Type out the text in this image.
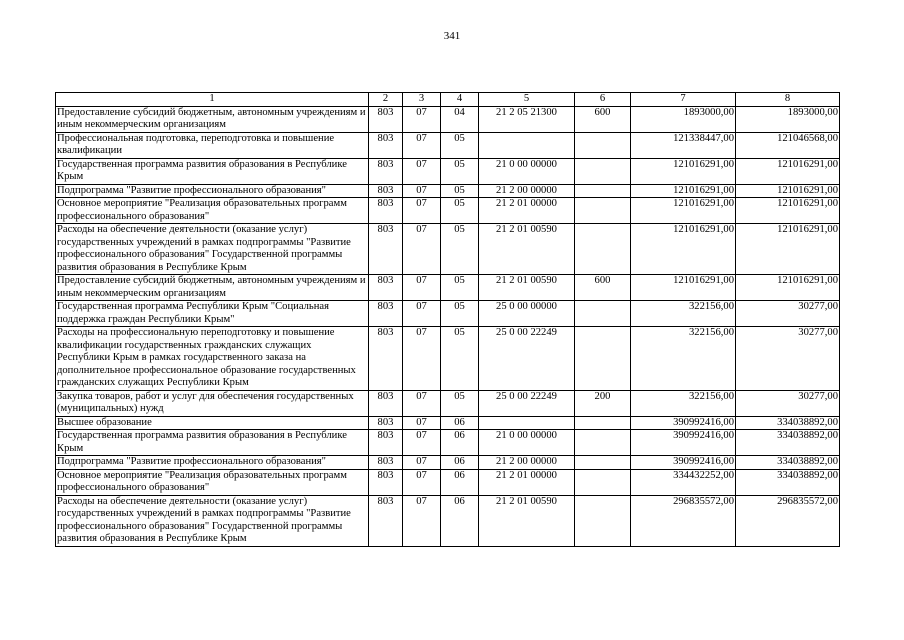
341
1	2	3	4	5	6	7	8
Предоставление субсидий бюджетным, автономным учреждениям и иным некоммерческим организациям	803	07	04	21 2 05 21300	600	1893000,00	1893000,00
Профессиональная подготовка, переподготовка и повышение квалификации	803	07	05			121338447,00	121046568,00
Государственная программа развития образования в Республике Крым	803	07	05	21 0 00 00000		121016291,00	121016291,00
Подпрограмма "Развитие профессионального образования"	803	07	05	21 2 00 00000		121016291,00	121016291,00
Основное мероприятие "Реализация образовательных программ профессионального образования"	803	07	05	21 2 01 00000		121016291,00	121016291,00
Расходы на обеспечение деятельности (оказание услуг) государственных учреждений в рамках подпрограммы "Развитие профессионального образования" Государственной программы развития образования в Республике Крым	803	07	05	21 2 01 00590		121016291,00	121016291,00
Предоставление субсидий бюджетным, автономным учреждениям и иным некоммерческим организациям	803	07	05	21 2 01 00590	600	121016291,00	121016291,00
Государственная программа Республики Крым "Социальная поддержка граждан Республики Крым"	803	07	05	25 0 00 00000		322156,00	30277,00
Расходы на профессиональную переподготовку и повышение квалификации государственных гражданских служащих Республики Крым в рамках государственного заказа на дополнительное профессиональное образование государственных гражданских служащих Республики Крым	803	07	05	25 0 00 22249		322156,00	30277,00
Закупка товаров, работ и услуг для обеспечения государственных (муниципальных) нужд	803	07	05	25 0 00 22249	200	322156,00	30277,00
Высшее образование	803	07	06			390992416,00	334038892,00
Государственная программа развития образования в Республике Крым	803	07	06	21 0 00 00000		390992416,00	334038892,00
Подпрограмма "Развитие профессионального образования"	803	07	06	21 2 00 00000		390992416,00	334038892,00
Основное мероприятие "Реализация образовательных программ профессионального образования"	803	07	06	21 2 01 00000		334432252,00	334038892,00
Расходы на обеспечение деятельности (оказание услуг) государственных учреждений в рамках подпрограммы "Развитие профессионального образования" Государственной программы развития образования в Республике Крым	803	07	06	21 2 01 00590		296835572,00	296835572,00
